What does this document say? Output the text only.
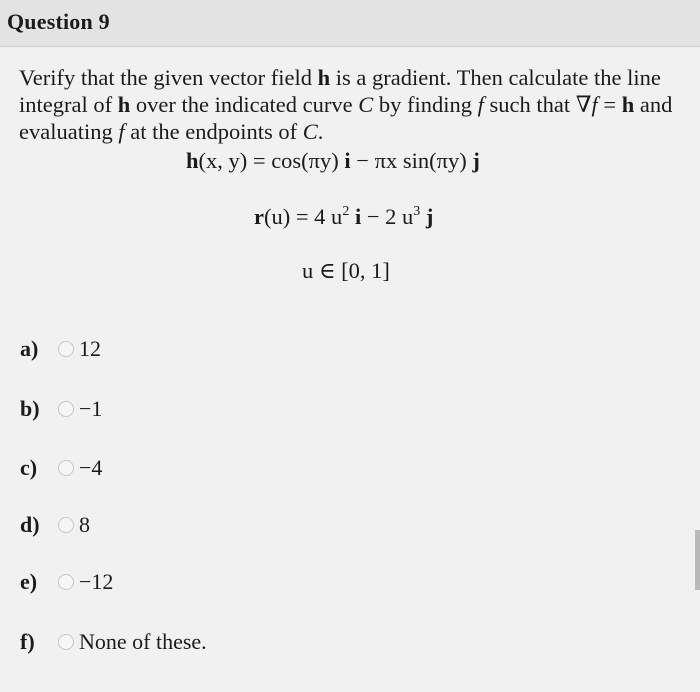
Question 9
Verify that the given vector field h is a gradient. Then calculate the line integral of h over the indicated curve C by finding f such that ∇f = h and evaluating f at the endpoints of C.
h(x, y) = cos(πy) i − πx sin(πy) j
r(u) = 4 $u^2$ i − 2 $u^3$ j
u ∈ [0, 1]
a)	12
b)	−1
c)	−4
d)	8
e)	−12
f)	None of these.
